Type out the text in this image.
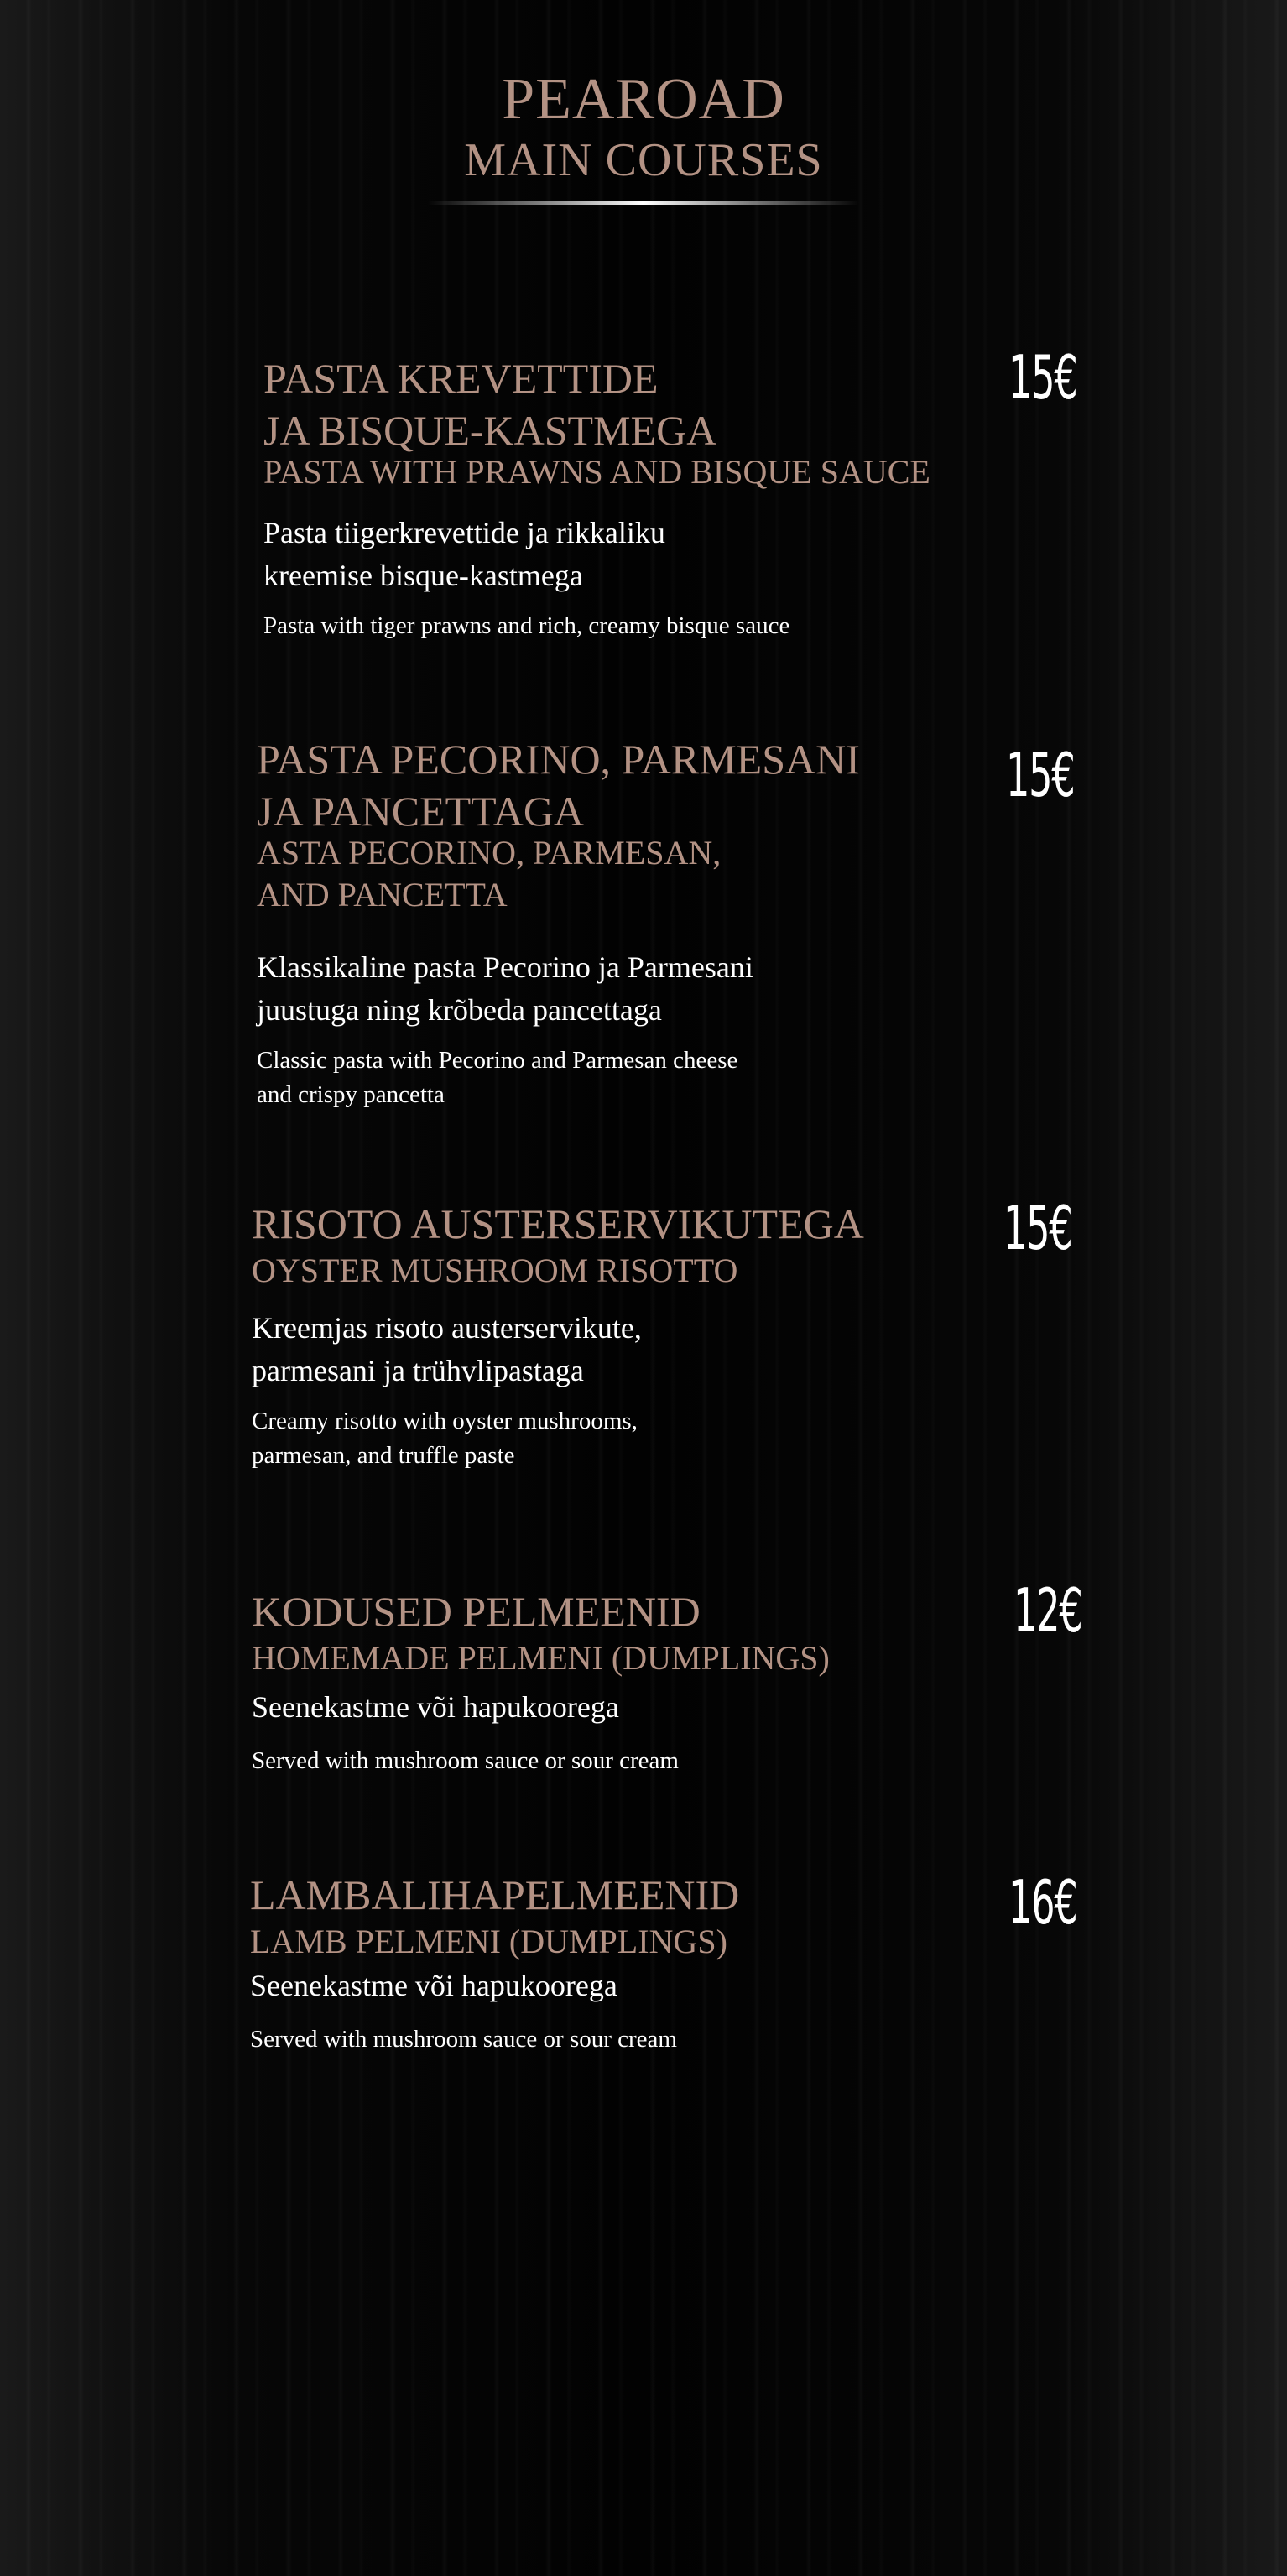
PEAROAD
MAIN COURSES
PASTA KREVETTIDE
JA BISQUE-KASTMEGA
PASTA WITH PRAWNS AND BISQUE SAUCE
Pasta tiigerkrevettide ja rikkaliku
kreemise bisque-kastmega
Pasta with tiger prawns and rich, creamy bisque sauce
15€
PASTA PECORINO, PARMESANI
JA PANCETTAGA
ASTA PECORINO, PARMESAN,
AND PANCETTA
Klassikaline pasta Pecorino ja Parmesani
juustuga ning krõbeda pancettaga
Classic pasta with Pecorino and Parmesan cheese
and crispy pancetta
15€
RISOTO AUSTERSERVIKUTEGA
OYSTER MUSHROOM RISOTTO
Kreemjas risoto austerservikute,
parmesani ja trühvlipastaga
Creamy risotto with oyster mushrooms,
parmesan, and truffle paste
15€
KODUSED PELMEENID
HOMEMADE PELMENI (DUMPLINGS)
Seenekastme või hapukoorega
Served with mushroom sauce or sour cream
12€
LAMBALIHAPELMEENID
LAMB PELMENI (DUMPLINGS)
Seenekastme või hapukoorega
Served with mushroom sauce or sour cream
16€
